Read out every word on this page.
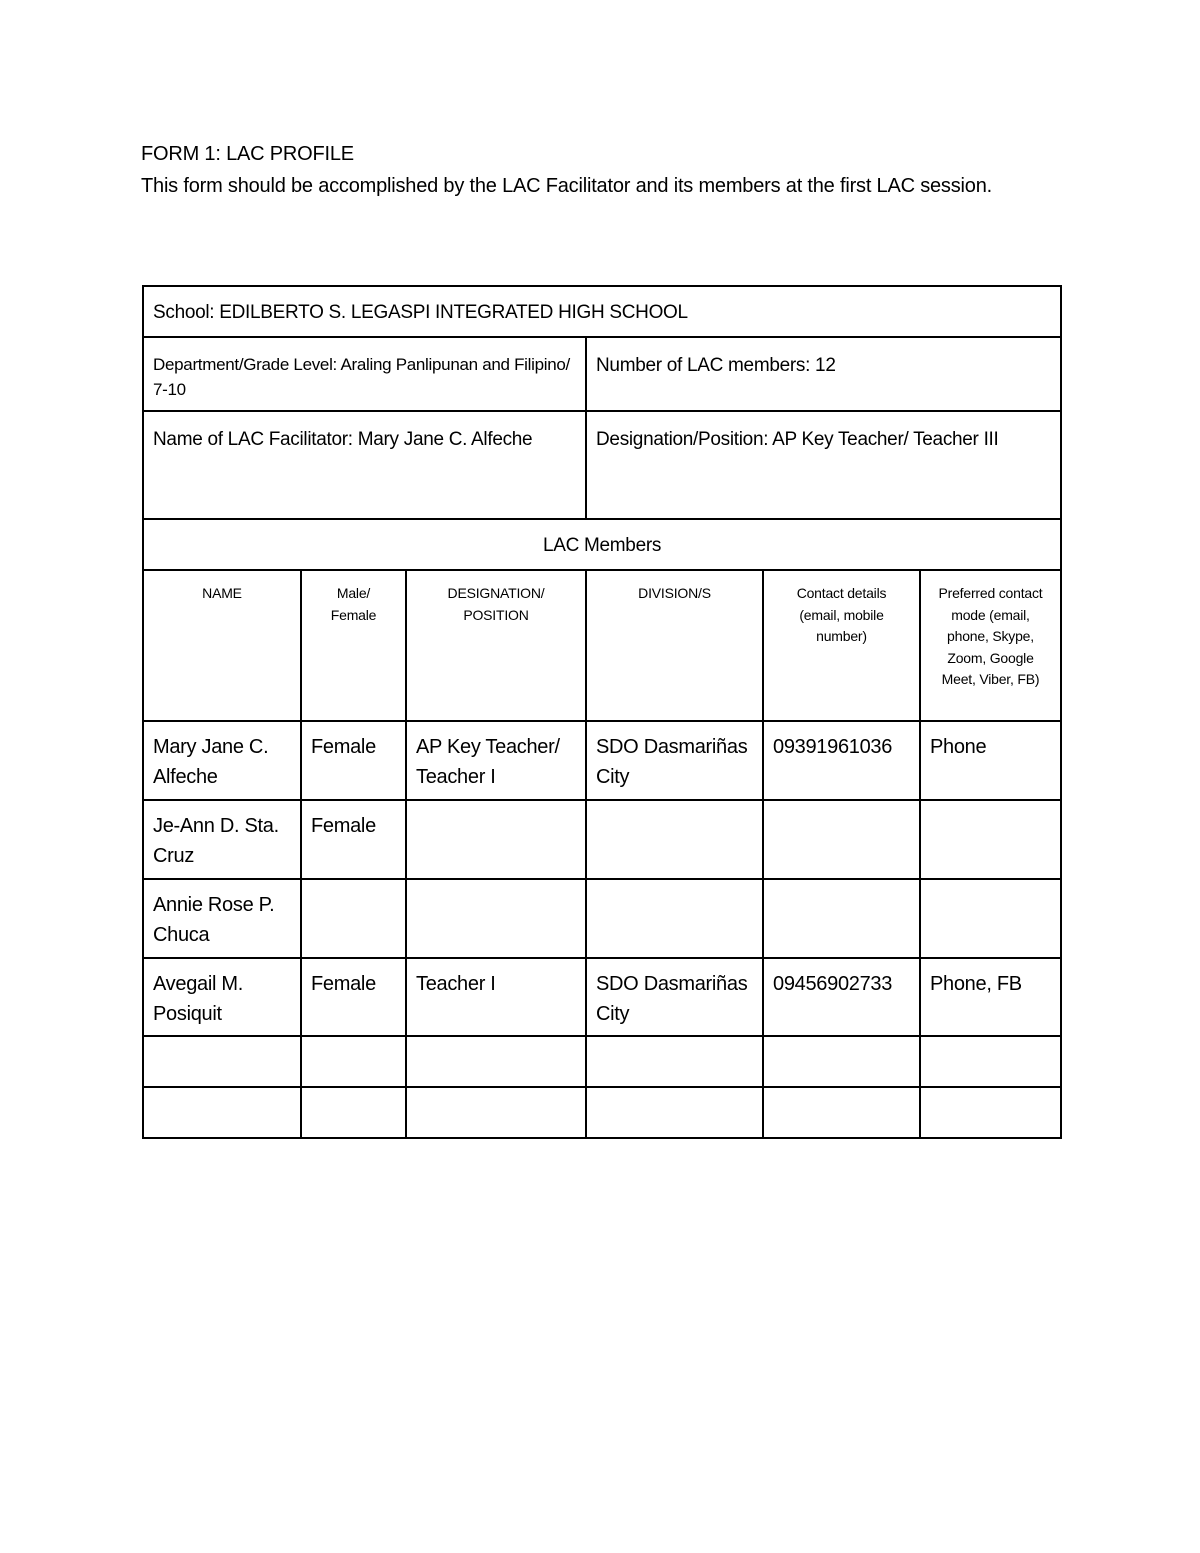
FORM 1: LAC PROFILE
This form should be accomplished by the LAC Facilitator and its members at the first LAC session.
School: EDILBERTO S. LEGASPI INTEGRATED HIGH SCHOOL					

Department/Grade Level: Araling Panlipunan and Filipino/ 7-10			Number of LAC members: 12		

Name of LAC Facilitator: Mary Jane C. Alfeche			Designation/Position: AP Key Teacher/ Teacher III		

LAC Members					

NAME	Male/ Female	DESIGNATION/ POSITION	DIVISION/S	Contact details (email, mobile number)	Preferred contact mode (email, phone, Skype, Zoom, Google Meet, Viber, FB)

Mary Jane C. Alfeche	Female	AP Key Teacher/ Teacher I	SDO Dasmariñas City	09391961036	Phone

Je-Ann D. Sta. Cruz	Female				

Annie Rose P. Chuca					

Avegail M. Posiquit	Female	Teacher I	SDO Dasmariñas City	09456902733	Phone, FB
